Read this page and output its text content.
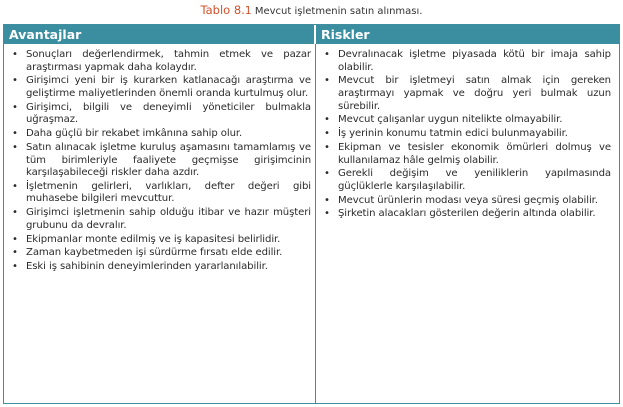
Tablo 8.1 Mevcut işletmenin satın alınması.
Avantajlar	Riskler
• Sonuçları değerlendirmek, tahmin etmek ve pazar araştırması yapmak daha kolaydır.
• Girişimci yeni bir iş kurarken katlanacağı araştırma ve geliştirme maliyetlerinden önemli oranda kurtulmuş olur.
• Girişimci, bilgili ve deneyimli yöneticiler bulmakla uğraşmaz.
• Daha güçlü bir rekabet imkânına sahip olur.
• Satın alınacak işletme kuruluş aşamasını tamamlamış ve tüm birimleriyle faaliyete geçmişse girişimcinin karşılaşabileceği riskler daha azdır.
• İşletmenin gelirleri, varlıkları, defter değeri gibi muhasebe bilgileri mevcuttur.
• Girişimci işletmenin sahip olduğu itibar ve hazır müşteri grubunu da devralır.
• Ekipmanlar monte edilmiş ve iş kapasitesi belirlidir.
• Zaman kaybetmeden işi sürdürme fırsatı elde edilir.
• Eski iş sahibinin deneyimlerinden yararlanılabilir.
• Devralınacak işletme piyasada kötü bir imaja sahip olabilir.
• Mevcut bir işletmeyi satın almak için gereken araştırmayı yapmak ve doğru yeri bulmak uzun sürebilir.
• Mevcut çalışanlar uygun nitelikte olmayabilir.
• İş yerinin konumu tatmin edici bulunmayabilir.
• Ekipman ve tesisler ekonomik ömürleri dolmuş ve kullanılamaz hâle gelmiş olabilir.
• Gerekli değişim ve yeniliklerin yapılmasında güçlüklerle karşılaşılabilir.
• Mevcut ürünlerin modası veya süresi geçmiş olabilir.
• Şirketin alacakları gösterilen değerin altında olabilir.
